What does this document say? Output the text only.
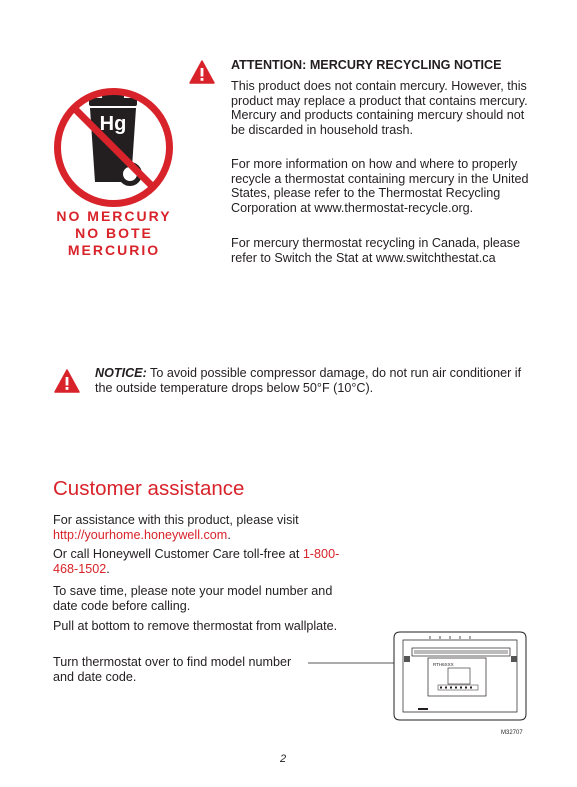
Hg
NO MERCURY
NO BOTE
MERCURIO
ATTENTION: MERCURY RECYCLING NOTICE

This product does not contain mercury. However, this product may replace a product that contains mercury. Mercury and products containing mercury should not be discarded in household trash.

For more information on how and where to properly recycle a thermostat containing mercury in the United States, please refer to the Thermostat Recycling Corporation at www.thermostat-recycle.org.

For mercury thermostat recycling in Canada, please refer to Switch the Stat at www.switchthestat.ca

NOTICE: To avoid possible compressor damage, do not run air conditioner if the outside temperature drops below 50°F (10°C).

Customer assistance

For assistance with this product, please visit http://yourhome.honeywell.com.

Or call Honeywell Customer Care toll-free at 1-800-468-1502.

To save time, please note your model number and date code before calling.

Pull at bottom to remove thermostat from wallplate.

Turn thermostat over to find model number and date code.

RTH6XXX
M32707
2
